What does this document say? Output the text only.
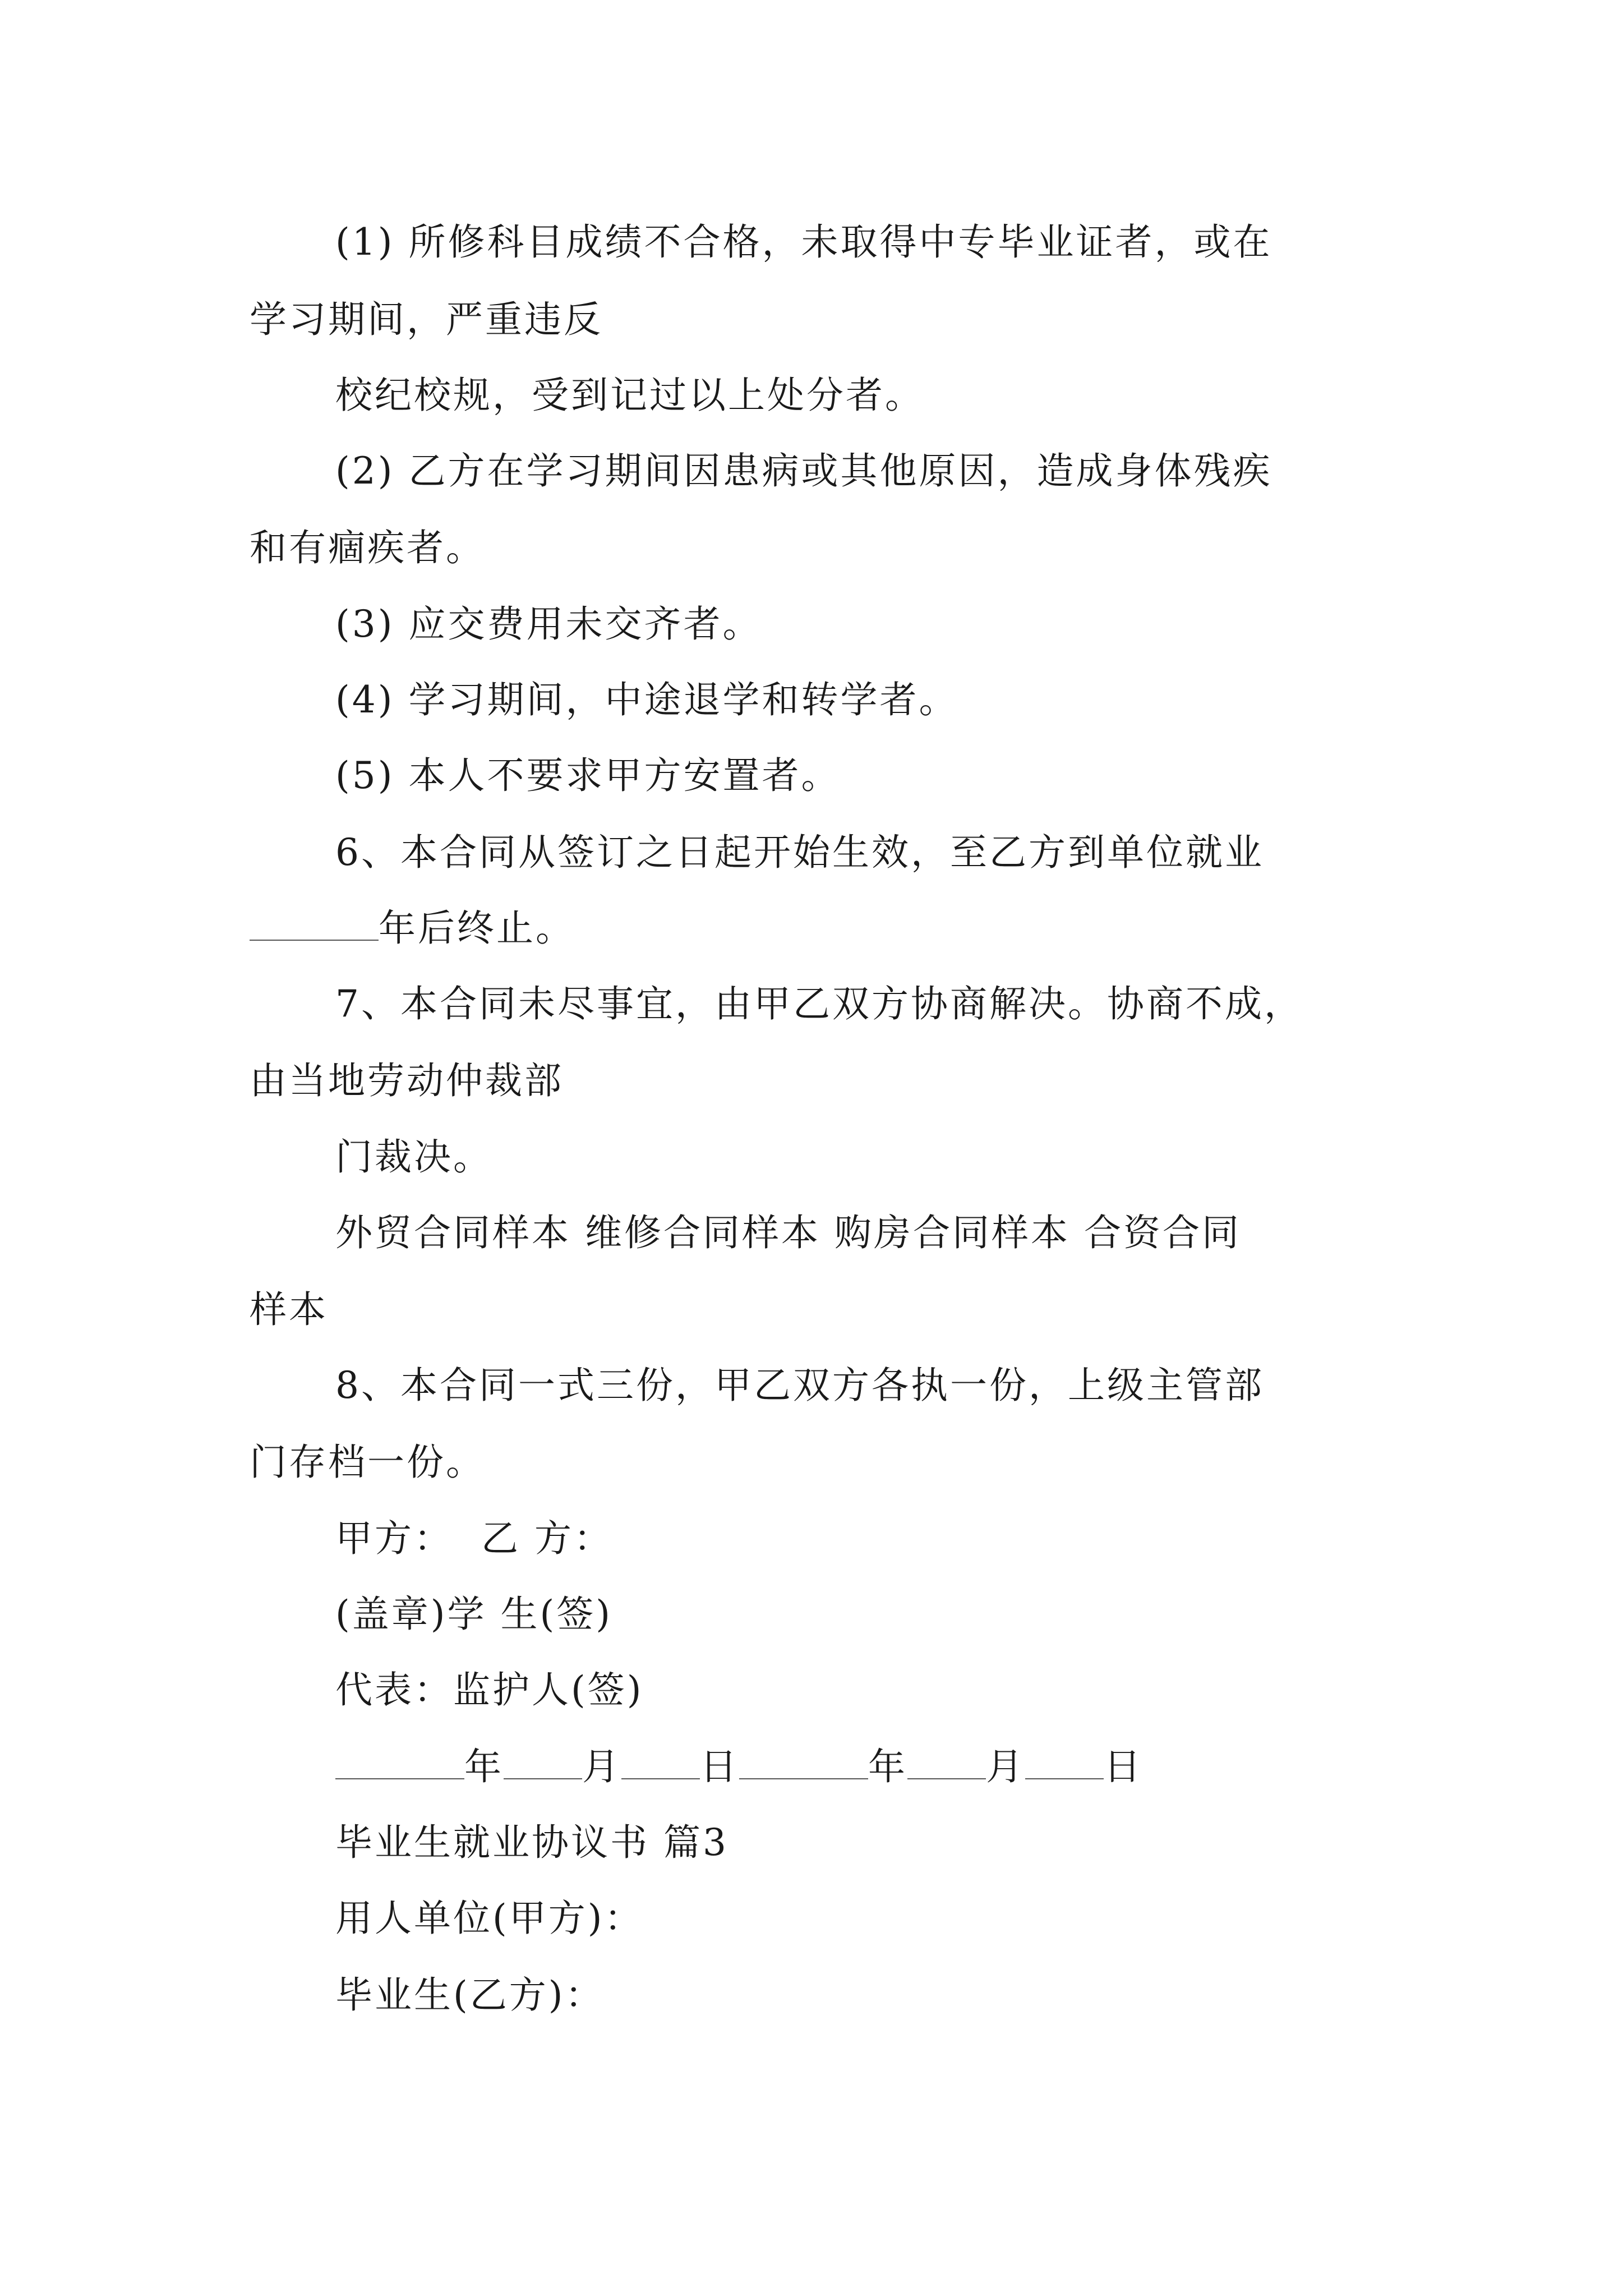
(1) 所修科目成绩不合格，未取得中专毕业证者，或在
学习期间，严重违反
校纪校规，受到记过以上处分者。
(2) 乙方在学习期间因患病或其他原因，造成身体残疾
和有痼疾者。
(3) 应交费用未交齐者。
(4) 学习期间，中途退学和转学者。
(5) 本人不要求甲方安置者。
6、本合同从签订之日起开始生效，至乙方到单位就业
年后终止。
7、本合同未尽事宜，由甲乙双方协商解决。协商不成，
由当地劳动仲裁部
门裁决。
外贸合同样本 维修合同样本 购房合同样本 合资合同
样本
8、本合同一式三份，甲乙双方各执一份，上级主管部
门存档一份。
甲方：  乙 方：
(盖章)学 生(签)
代表：监护人(签)
年 月 日	年 月 日
毕业生就业协议书 篇3
用人单位(甲方)：
毕业生(乙方)：
